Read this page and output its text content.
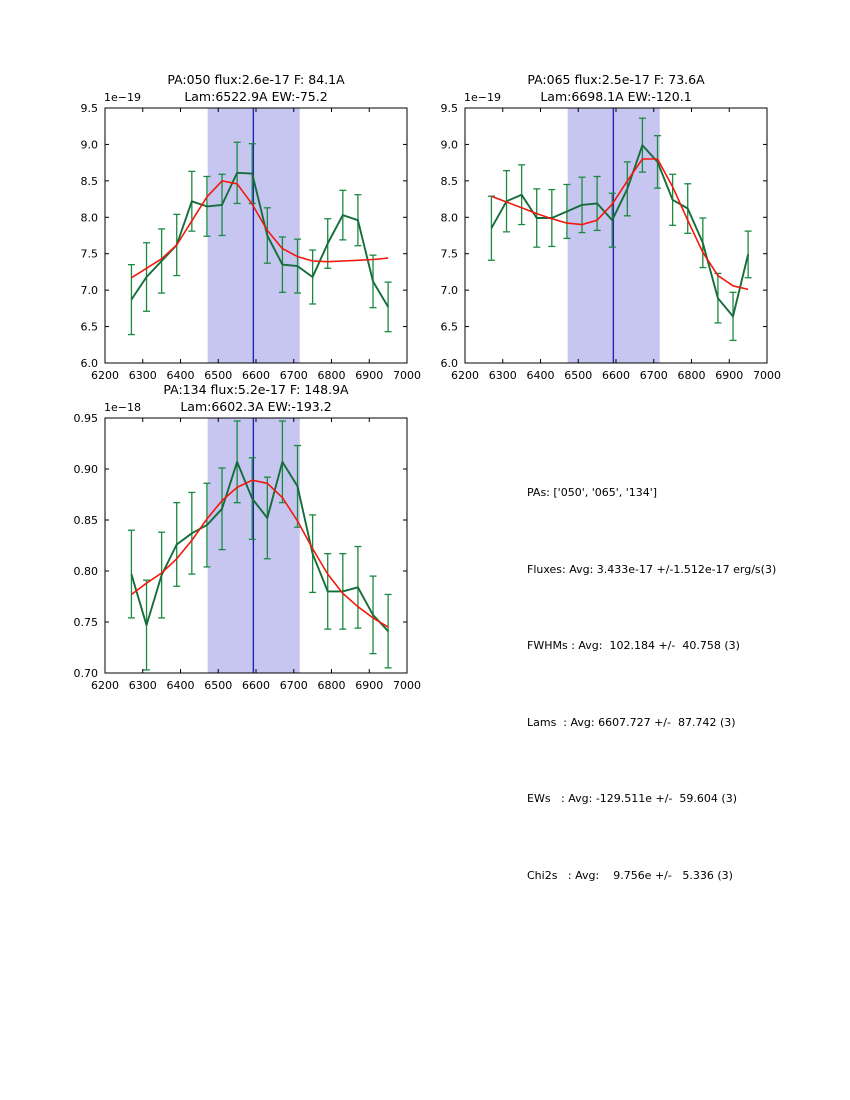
6200 6300 6400 6500 6600 6700 6800 6900 7000
6.0
6.5
7.0
7.5
8.0
8.5
9.0
9.5
6200 6300 6400 6500 6600 6700 6800 6900 7000
6.0
6.5
7.0
7.5
8.0
8.5
9.0
9.5
6200 6300 6400 6500 6600 6700 6800 6900 7000
0.70
0.75
0.80
0.85
0.90
0.95
PA:050 flux:2.6e-17 F: 84.1A
Lam:6522.9A EW:-75.2
PA:065 flux:2.5e-17 F: 73.6A
Lam:6698.1A EW:-120.1
PA:134 flux:5.2e-17 F: 148.9A
Lam:6602.3A EW:-193.2
1e−19	1e−19
1e−18

PAs: ['050', '065', '134']

Fluxes: Avg: 3.433e-17 +/-1.512e-17 erg/s(3)

FWHMs : Avg:  102.184 +/-  40.758 (3)

Lams  : Avg: 6607.727 +/-  87.742 (3)

EWs   : Avg: -129.511e +/-  59.604 (3)

Chi2s   : Avg:    9.756e +/-   5.336 (3)
